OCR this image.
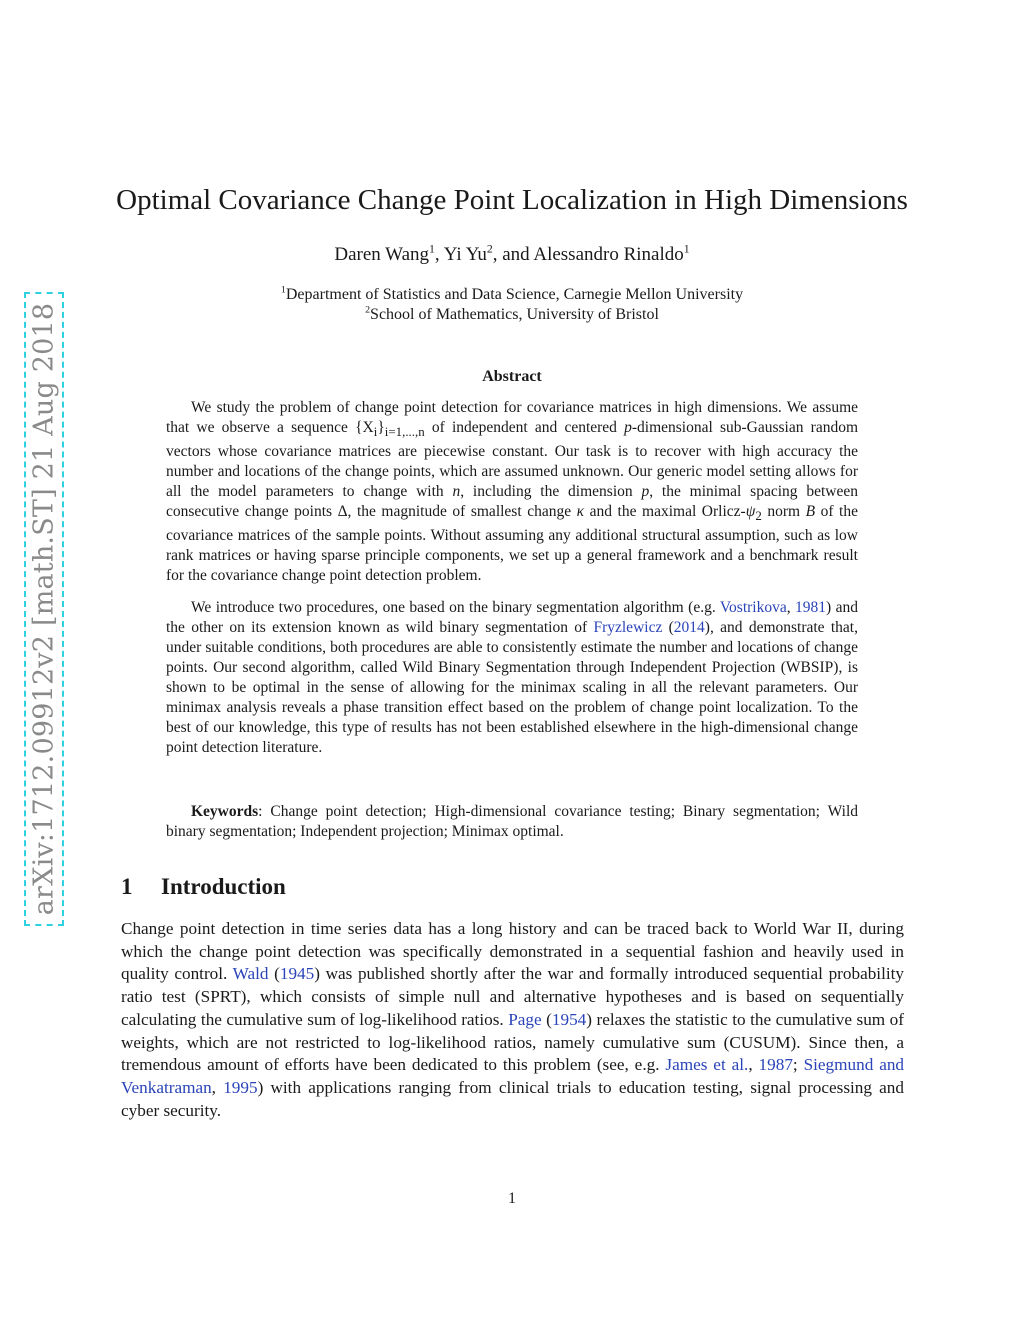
arXiv:1712.09912v2 [math.ST] 21 Aug 2018
Optimal Covariance Change Point Localization in High Dimensions
Daren Wang$^1$, Yi Yu$^2$, and Alessandro Rinaldo$^1$
$^1$Department of Statistics and Data Science, Carnegie Mellon University
$^2$School of Mathematics, University of Bristol
Abstract

We study the problem of change point detection for covariance matrices in high dimensions. We assume that we observe a sequence $\{X_i\}_{i=1,...,n}$ of independent and centered p-dimensional sub-Gaussian random vectors whose covariance matrices are piecewise constant. Our task is to recover with high accuracy the number and locations of the change points, which are assumed unknown. Our generic model setting allows for all the model parameters to change with n, including the dimension p, the minimal spacing between consecutive change points Δ, the magnitude of smallest change κ and the maximal Orlicz-$\psi_2$ norm B of the covariance matrices of the sample points. Without assuming any additional structural assumption, such as low rank matrices or having sparse principle components, we set up a general framework and a benchmark result for the covariance change point detection problem.

We introduce two procedures, one based on the binary segmentation algorithm (e.g. Vostrikova, 1981) and the other on its extension known as wild binary segmentation of Fryzlewicz (2014), and demonstrate that, under suitable conditions, both procedures are able to consistently estimate the number and locations of change points. Our second algorithm, called Wild Binary Segmentation through Independent Projection (WBSIP), is shown to be optimal in the sense of allowing for the minimax scaling in all the relevant parameters. Our minimax analysis reveals a phase transition effect based on the problem of change point localization. To the best of our knowledge, this type of results has not been established elsewhere in the high-dimensional change point detection literature.

Keywords: Change point detection; High-dimensional covariance testing; Binary segmentation; Wild binary segmentation; Independent projection; Minimax optimal.

1 Introduction

Change point detection in time series data has a long history and can be traced back to World War II, during which the change point detection was specifically demonstrated in a sequential fashion and heavily used in quality control. Wald (1945) was published shortly after the war and formally introduced sequential probability ratio test (SPRT), which consists of simple null and alternative hypotheses and is based on sequentially calculating the cumulative sum of log-likelihood ratios. Page (1954) relaxes the statistic to the cumulative sum of weights, which are not restricted to log-likelihood ratios, namely cumulative sum (CUSUM). Since then, a tremendous amount of efforts have been dedicated to this problem (see, e.g. James et al., 1987; Siegmund and Venkatraman, 1995) with applications ranging from clinical trials to education testing, signal processing and cyber security.

1
